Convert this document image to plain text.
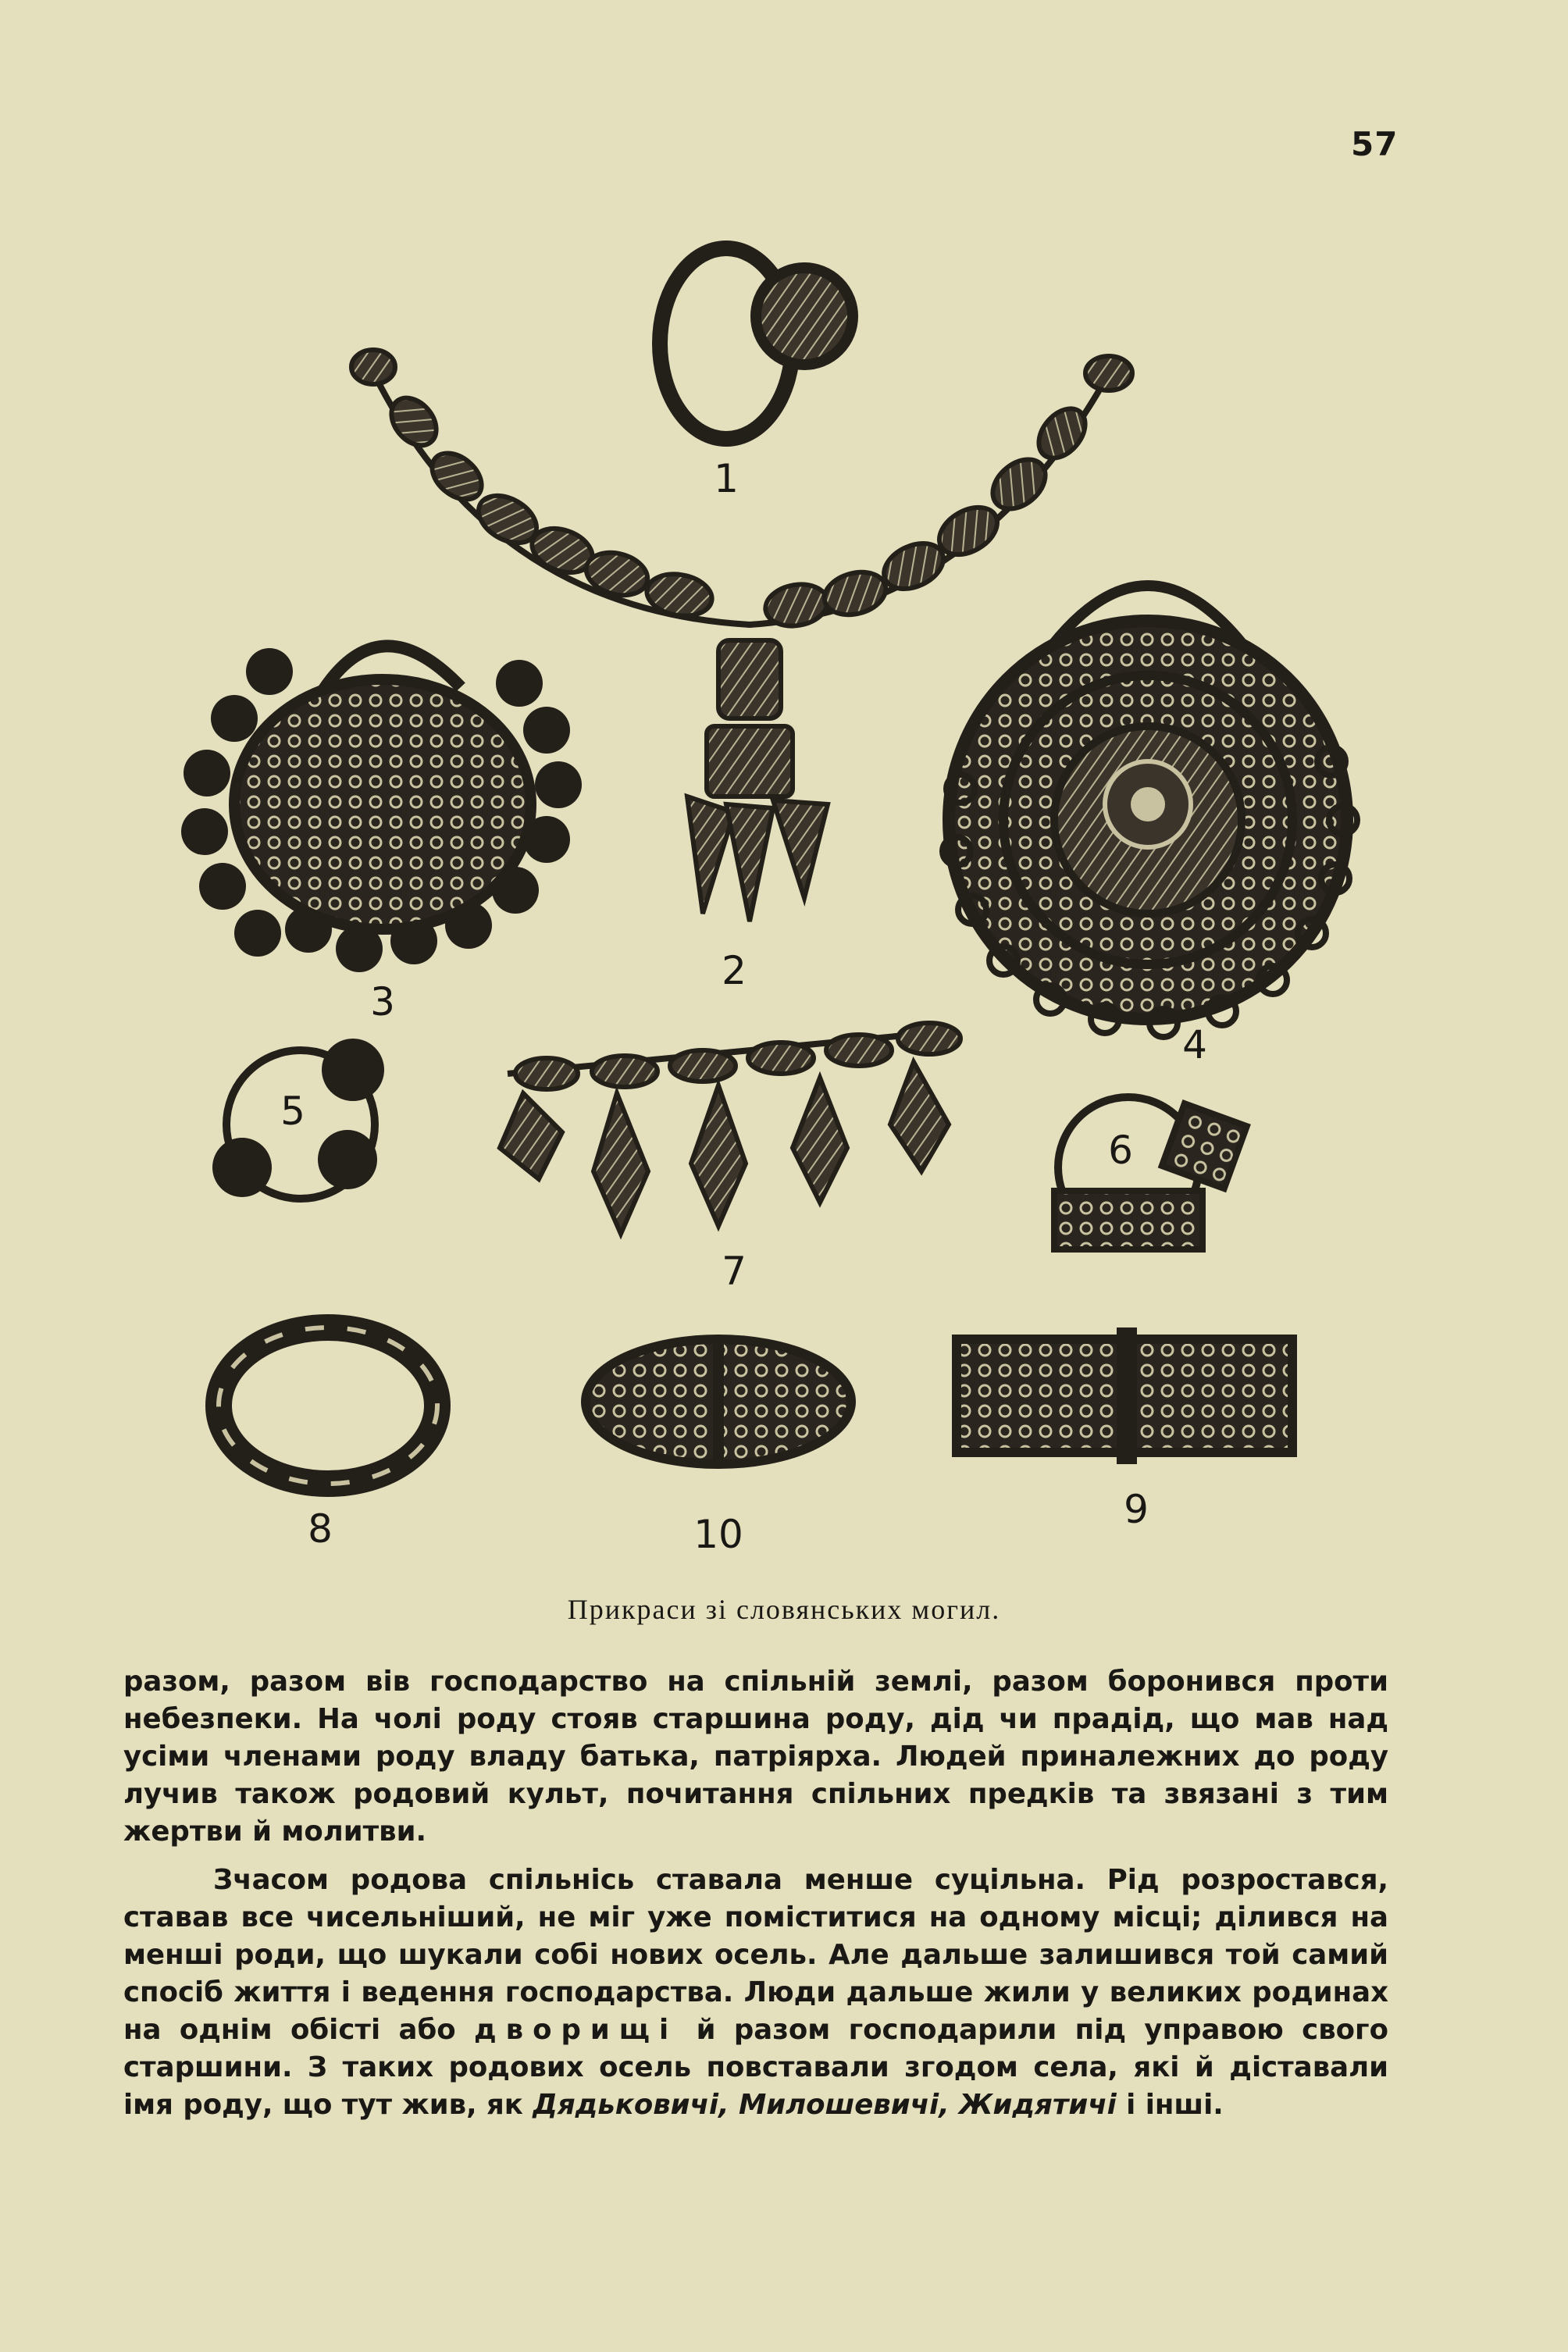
57
1
2
3
4
5
7
6
8	10
9
Прикраси зі словянських могил.

разом, разом вів господарство на спільній землі, разом боронився проти небезпеки. На чолі роду стояв старшина роду, дід чи прадід, що мав над усіми членами роду владу батька, патріярха. Людей приналежних до роду лучив також родовий культ, почитання спільних предків та звязані з тим жертви й молитви.

Зчасом родова спільнісь ставала менше суцільна. Рід розростався, ставав все чисельніший, не міг уже поміститися на одному місці; ділився на менші роди, що шукали собі нових осель. Але дальше залишився той самий спосіб життя і ведення господарства. Люди дальше жили у великих родинах на однім обісті або дворищі й разом господарили під управою свого старшини. З таких родових осель повставали згодом села, які й діставали імя роду, що тут жив, як Дядьковичі, Милошевичі, Жидятичі і інші.
